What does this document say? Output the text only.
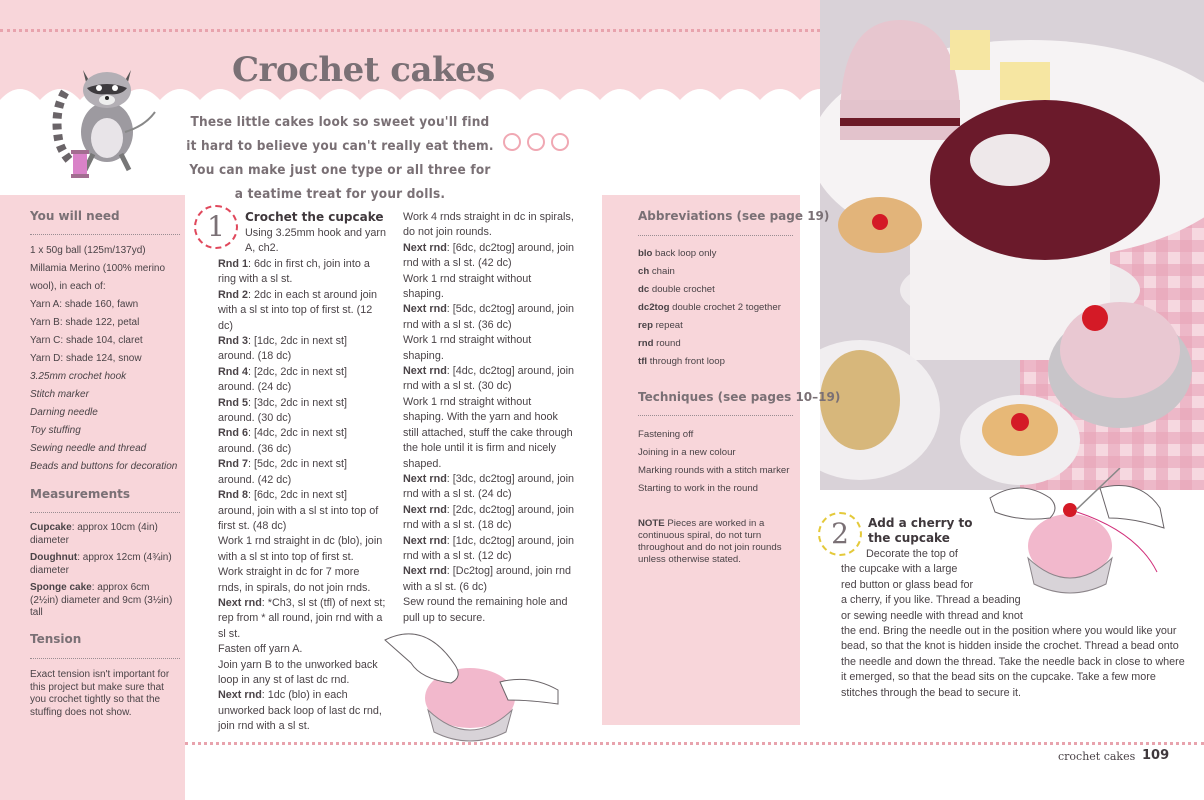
Crochet cakes
These little cakes look so sweet you'll find it hard to believe you can't really eat them. You can make just one type or all three for a teatime treat for your dolls.
You will need
1 x 50g ball (125m/137yd) Millamia Merino (100% merino wool), in each of:
Yarn A: shade 160, fawn
Yarn B: shade 122, petal
Yarn C: shade 104, claret
Yarn D: shade 124, snow
3.25mm crochet hook
Stitch marker
Darning needle
Toy stuffing
Sewing needle and thread
Beads and buttons for decoration
Measurements
Cupcake: approx 10cm (4in) diameter
Doughnut: approx 12cm (4¾in) diameter
Sponge cake: approx 6cm (2½in) diameter and 9cm (3½in) tall
Tension
Exact tension isn't important for this project but make sure that you crochet tightly so that the stuffing does not show.
1	Crochet the cupcake
Using 3.25mm hook and yarn A, ch2.
Rnd 1: 6dc in first ch, join into a ring with a sl st.
Rnd 2: 2dc in each st around join with a sl st into top of first st. (12 dc)
Rnd 3: [1dc, 2dc in next st] around. (18 dc)
Rnd 4: [2dc, 2dc in next st] around. (24 dc)
Rnd 5: [3dc, 2dc in next st] around. (30 dc)
Rnd 6: [4dc, 2dc in next st] around. (36 dc)
Rnd 7: [5dc, 2dc in next st] around. (42 dc)
Rnd 8: [6dc, 2dc in next st] around, join with a sl st into top of first st. (48 dc)
Work 1 rnd straight in dc (blo), join with a sl st into top of first st.
Work straight in dc for 7 more rnds, in spirals, do not join rnds.
Next rnd: *Ch3, sl st (tfl) of next st; rep from * all round, join rnd with a sl st.
Fasten off yarn A.
Join yarn B to the unworked back loop in any st of last dc rnd.
Next rnd: 1dc (blo) in each unworked back loop of last dc rnd, join rnd with a sl st.
Work 4 rnds straight in dc in spirals, do not join rounds.
Next rnd: [6dc, dc2tog] around, join rnd with a sl st. (42 dc)
Work 1 rnd straight without shaping.
Next rnd: [5dc, dc2tog] around, join rnd with a sl st. (36 dc)
Work 1 rnd straight without shaping.
Next rnd: [4dc, dc2tog] around, join rnd with a sl st. (30 dc)
Work 1 rnd straight without shaping. With the yarn and hook still attached, stuff the cake through the hole until it is firm and nicely shaped.
Next rnd: [3dc, dc2tog] around, join rnd with a sl st. (24 dc)
Next rnd: [2dc, dc2tog] around, join rnd with a sl st. (18 dc)
Next rnd: [1dc, dc2tog] around, join rnd with a sl st. (12 dc)
Next rnd: [Dc2tog] around, join rnd with a sl st. (6 dc)
Sew round the remaining hole and pull up to secure.
Abbreviations (see page 19)
blo back loop only
ch chain
dc double crochet
dc2tog double crochet 2 together
rep repeat
rnd round
tfl through front loop
Techniques (see pages 10–19)
Fastening off
Joining in a new colour
Marking rounds with a stitch marker
Starting to work in the round
NOTE Pieces are worked in a continuous spiral, do not turn throughout and do not join rounds unless otherwise stated.
2	Add a cherry to
the cupcake
Decorate the top of
the cupcake with a large
red button or glass bead for
a cherry, if you like. Thread a beading
or sewing needle with thread and knot
the end. Bring the needle out in the position where you would like your
bead, so that the knot is hidden inside the crochet. Thread a bead onto
the needle and down the thread. Take the needle back in close to where
it emerged, so that the bead sits on the cupcake. Take a few more
stitches through the bead to secure it.
crochet cakes 109
